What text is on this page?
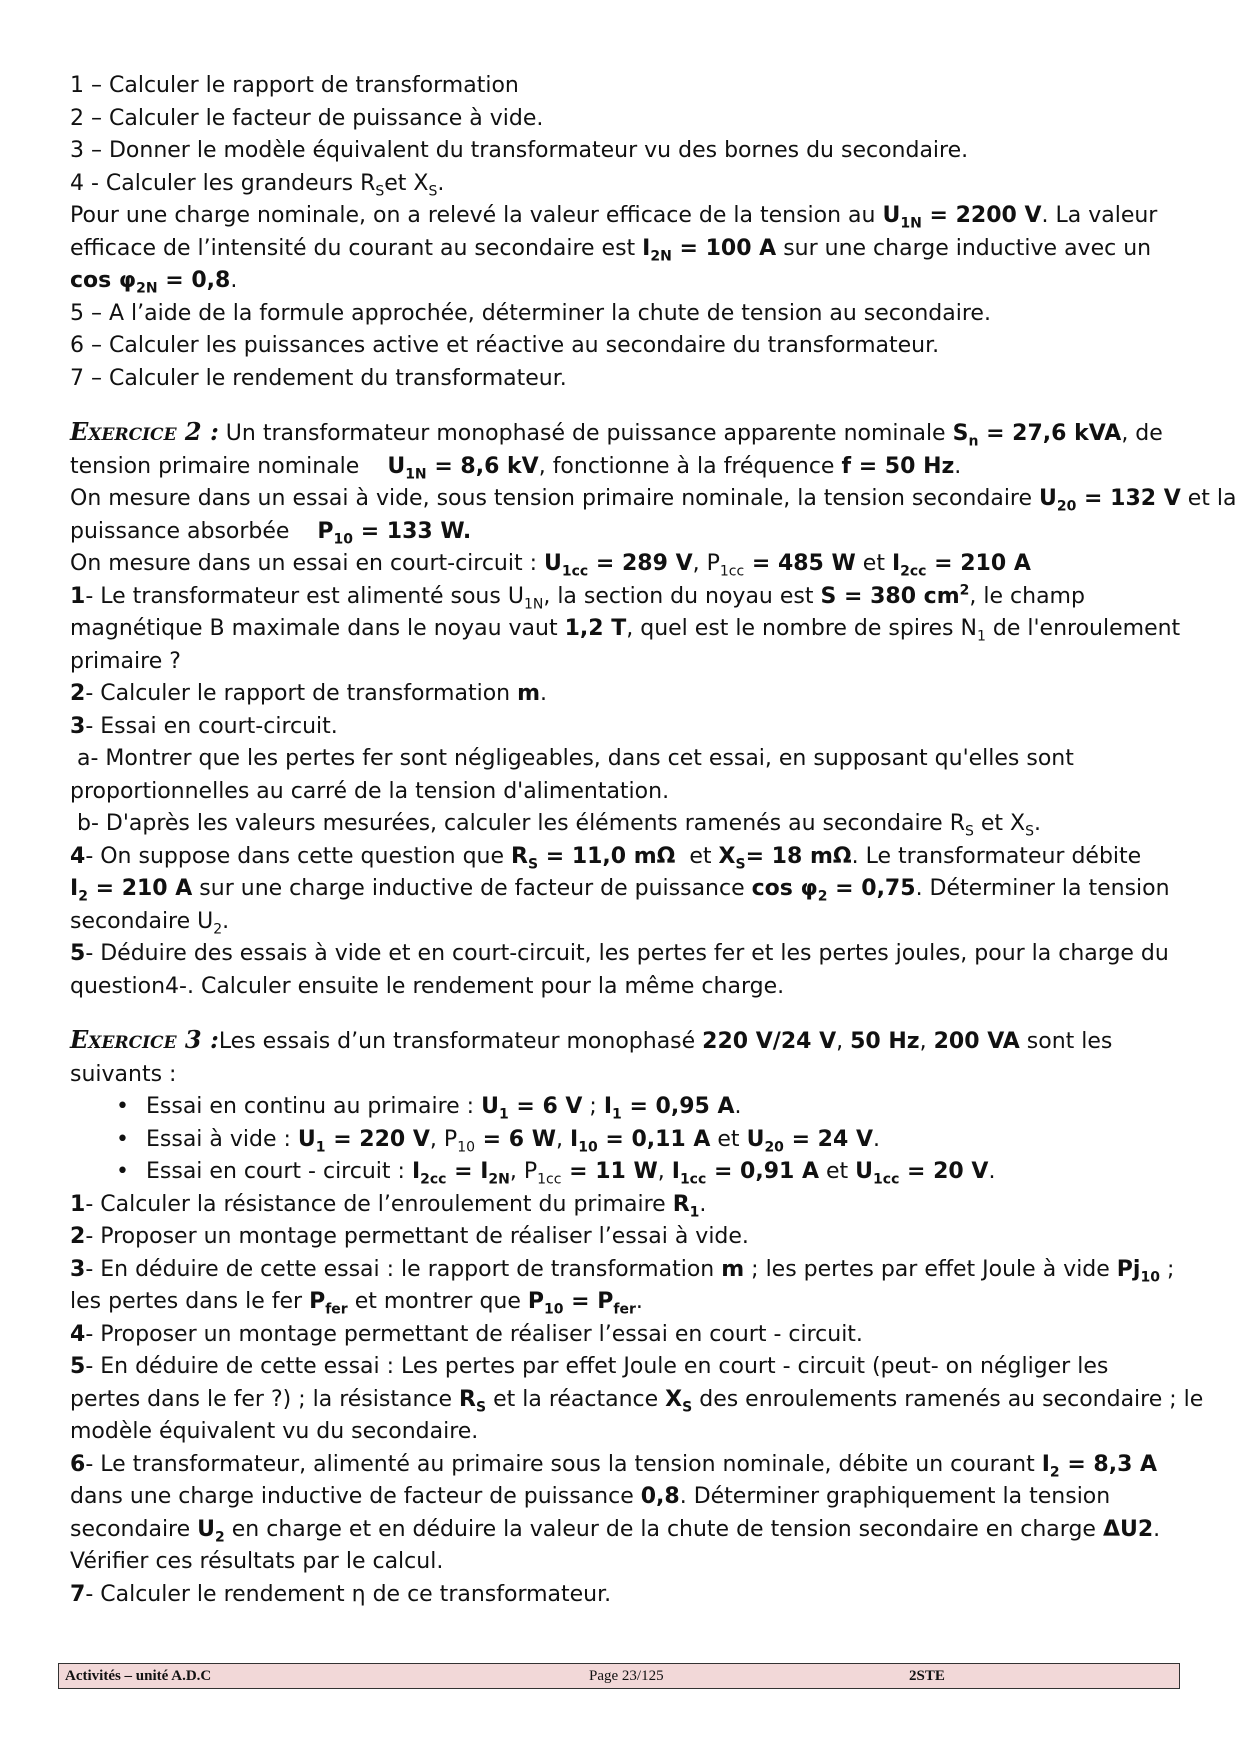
1 – Calculer le rapport de transformation
2 – Calculer le facteur de puissance à vide.
3 – Donner le modèle équivalent du transformateur vu des bornes du secondaire.
4 - Calculer les grandeurs $R_Set$ $X_S$.
Pour une charge nominale, on a relevé la valeur efficace de la tension au $U_{1N} = 2200$ V. La valeur
efficace de l’intensité du courant au secondaire est $I_{2N} = 100$ A sur une charge inductive avec un
$\cos \varphi_{2N} = 0,8$.
5 – A l’aide de la formule approchée, déterminer la chute de tension au secondaire.
6 – Calculer les puissances active et réactive au secondaire du transformateur.
7 – Calculer le rendement du transformateur.
Exercice 2 : Un transformateur monophasé de puissance apparente nominale $S_n = 27,6$ kVA, de
tension primaire nominale    $U_{1N} = 8,6$ kV, fonctionne à la fréquence f = 50 Hz.
On mesure dans un essai à vide, sous tension primaire nominale, la tension secondaire $U_{20} = 132$ V et la
puissance absorbée    $P_{10} = 133$ W.
On mesure dans un essai en court-circuit : $U_{1cc} = 289$ V, $P_{1cc} = 485$ W et $I_{2cc} = 210$ A
1- Le transformateur est alimenté sous $U_{1N}$, la section du noyau est S = 380 $cm^2$, le champ
magnétique B maximale dans le noyau vaut 1,2 T, quel est le nombre de spires $N_1$ de l'enroulement
primaire ?
2- Calculer le rapport de transformation m.
3- Essai en court-circuit.
a- Montrer que les pertes fer sont négligeables, dans cet essai, en supposant qu'elles sont
proportionnelles au carré de la tension d'alimentation.
b- D'après les valeurs mesurées, calculer les éléments ramenés au secondaire $R_S$ et $X_S$.
4- On suppose dans cette question que $R_S = 11,0$ mΩ  et $X_S= 18$ mΩ. Le transformateur débite
$I_2 = 210$ A sur une charge inductive de facteur de puissance $\cos \varphi_2 = 0,75$. Déterminer la tension
secondaire $U_2$.
5- Déduire des essais à vide et en court-circuit, les pertes fer et les pertes joules, pour la charge du
question4-. Calculer ensuite le rendement pour la même charge.
Exercice 3 :Les essais d’un transformateur monophasé 220 V/24 V, 50 Hz, 200 VA sont les
suivants :
• Essai en continu au primaire : $U_1 = 6$ V ; $I_1 = 0,95$ A.
• Essai à vide : $U_1 = 220$ V, $P_{10} = 6$ W, $I_{10} = 0,11$ A et $U_{20} = 24$ V.
• Essai en court - circuit : $I_{2cc} = I_{2N}$, $P_{1cc} = 11$ W, $I_{1cc} = 0,91$ A et $U_{1cc} = 20$ V.
1- Calculer la résistance de l’enroulement du primaire $R_1$.
2- Proposer un montage permettant de réaliser l’essai à vide.
3- En déduire de cette essai : le rapport de transformation m ; les pertes par effet Joule à vide $Pj_{10}$ ;
les pertes dans le fer $P_{fer}$ et montrer que $P_{10} = P_{fer}$.
4- Proposer un montage permettant de réaliser l’essai en court - circuit.
5- En déduire de cette essai : Les pertes par effet Joule en court - circuit (peut- on négliger les
pertes dans le fer ?) ; la résistance $R_S$ et la réactance $X_S$ des enroulements ramenés au secondaire ; le
modèle équivalent vu du secondaire.
6- Le transformateur, alimenté au primaire sous la tension nominale, débite un courant $I_2 = 8,3$ A
dans une charge inductive de facteur de puissance 0,8. Déterminer graphiquement la tension
secondaire $U_2$ en charge et en déduire la valeur de la chute de tension secondaire en charge ΔU2.
Vérifier ces résultats par le calcul.
7- Calculer le rendement η de ce transformateur.
Activités – unité A.D.C	Page 23/125	2STE
